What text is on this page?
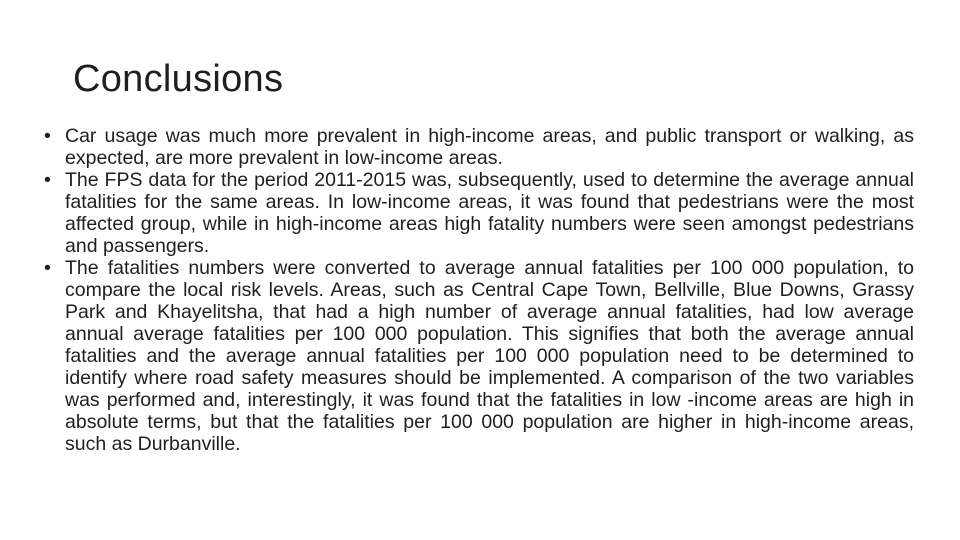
Conclusions
• Car usage was much more prevalent in high-income areas, and public transport or walking, as expected, are more prevalent in low-income areas.
• The FPS data for the period 2011-2015 was, subsequently, used to determine the average annual fatalities for the same areas. In low-income areas, it was found that pedestrians were the most affected group, while in high-income areas high fatality numbers were seen amongst pedestrians and passengers.
• The fatalities numbers were converted to average annual fatalities per 100 000 population, to compare the local risk levels. Areas, such as Central Cape Town, Bellville, Blue Downs, Grassy Park and Khayelitsha, that had a high number of average annual fatalities, had low average annual average fatalities per 100 000 population. This signifies that both the average annual fatalities and the average annual fatalities per 100 000 population need to be determined to identify where road safety measures should be implemented. A comparison of the two variables was performed and, interestingly, it was found that the fatalities in low -income areas are high in absolute terms, but that the fatalities per 100 000 population are higher in high-income areas, such as Durbanville.
